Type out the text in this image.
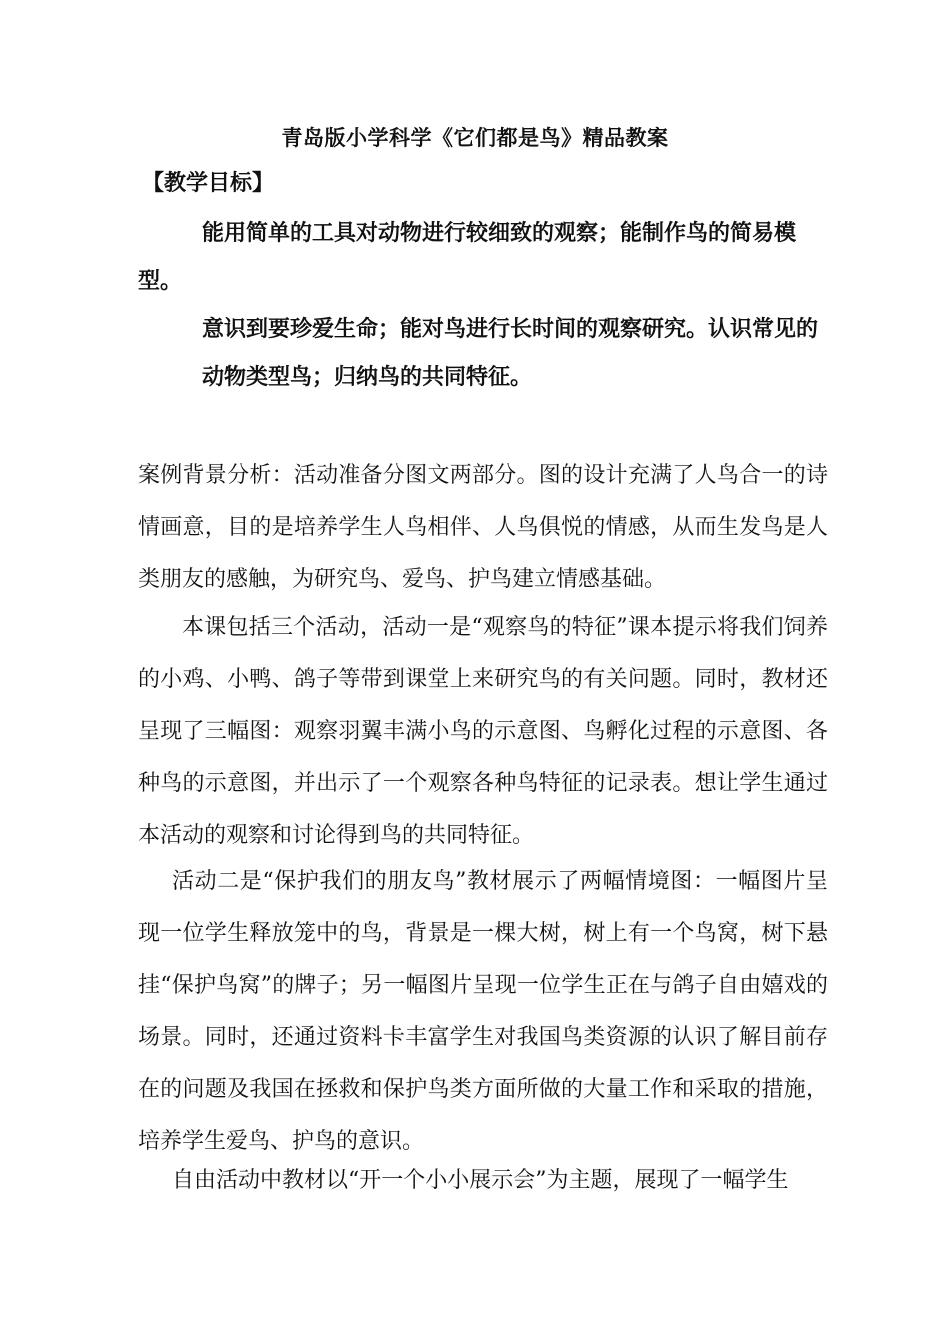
青岛版小学科学《它们都是鸟》精品教案
【教学目标】

能用简单的工具对动物进行较细致的观察；能制作鸟的简易模型。

意识到要珍爱生命；能对鸟进行长时间的观察研究。认识常见的动物类型鸟；归纳鸟的共同特征。

案例背景分析：活动准备分图文两部分。图的设计充满了人鸟合一的诗情画意，目的是培养学生人鸟相伴、人鸟俱悦的情感，从而生发鸟是人类朋友的感触，为研究鸟、爱鸟、护鸟建立情感基础。

本课包括三个活动，活动一是“观察鸟的特征”课本提示将我们饲养的小鸡、小鸭、鸽子等带到课堂上来研究鸟的有关问题。同时，教材还呈现了三幅图：观察羽翼丰满小鸟的示意图、鸟孵化过程的示意图、各种鸟的示意图，并出示了一个观察各种鸟特征的记录表。想让学生通过本活动的观察和讨论得到鸟的共同特征。

活动二是“保护我们的朋友鸟”教材展示了两幅情境图：一幅图片呈现一位学生释放笼中的鸟，背景是一棵大树，树上有一个鸟窝，树下悬挂“保护鸟窝”的牌子；另一幅图片呈现一位学生正在与鸽子自由嬉戏的场景。同时，还通过资料卡丰富学生对我国鸟类资源的认识了解目前存在的问题及我国在拯救和保护鸟类方面所做的大量工作和采取的措施，培养学生爱鸟、护鸟的意识。

自由活动中教材以“开一个小小展示会”为主题，展现了一幅学生
